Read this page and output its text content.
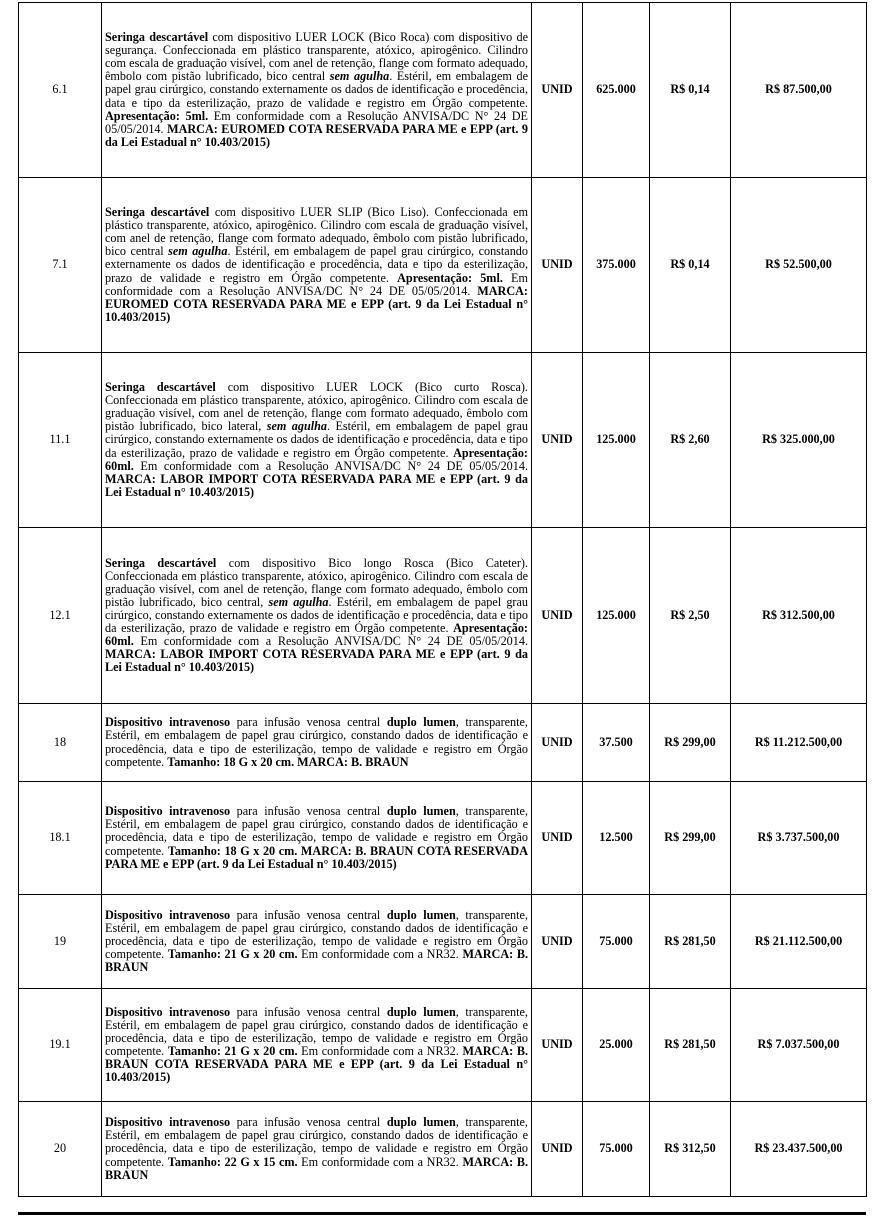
6.1	Seringa descartável com dispositivo LUER LOCK (Bico Roca) com dispositivo de segurança. Confeccionada em plástico transparente, atóxico, apirogênico. Cilindro com escala de graduação visível, com anel de retenção, flange com formato adequado, êmbolo com pistão lubrificado, bico central sem agulha. Estéril, em embalagem de papel grau cirúrgico, constando externamente os dados de identificação e procedência, data e tipo da esterilização, prazo de validade e registro em Órgão competente. Apresentação: 5ml. Em conformidade com a Resolução ANVISA/DC N° 24 DE 05/05/2014. MARCA: EUROMED COTA RESERVADA PARA ME e EPP (art. 9 da Lei Estadual n° 10.403/2015)	UNID	625.000	R$ 0,14	R$ 87.500,00
7.1	Seringa descartável com dispositivo LUER SLIP (Bico Liso). Confeccionada em plástico transparente, atóxico, apirogênico. Cilindro com escala de graduação visível, com anel de retenção, flange com formato adequado, êmbolo com pistão lubrificado, bico central sem agulha. Estéril, em embalagem de papel grau cirúrgico, constando externamente os dados de identificação e procedência, data e tipo da esterilização, prazo de validade e registro em Órgão competente. Apresentação: 5ml. Em conformidade com a Resolução ANVISA/DC N° 24 DE 05/05/2014. MARCA: EUROMED COTA RESERVADA PARA ME e EPP (art. 9 da Lei Estadual n° 10.403/2015)	UNID	375.000	R$ 0,14	R$ 52.500,00
11.1	Seringa descartável com dispositivo LUER LOCK (Bico curto Rosca). Confeccionada em plástico transparente, atóxico, apirogênico. Cilindro com escala de graduação visível, com anel de retenção, flange com formato adequado, êmbolo com pistão lubrificado, bico lateral, sem agulha. Estéril, em embalagem de papel grau cirúrgico, constando externamente os dados de identificação e procedência, data e tipo da esterilização, prazo de validade e registro em Órgão competente. Apresentação: 60ml. Em conformidade com a Resolução ANVISA/DC N° 24 DE 05/05/2014. MARCA: LABOR IMPORT COTA RESERVADA PARA ME e EPP (art. 9 da Lei Estadual n° 10.403/2015)	UNID	125.000	R$ 2,60	R$ 325.000,00
12.1	Seringa descartável com dispositivo Bico longo Rosca (Bico Cateter). Confeccionada em plástico transparente, atóxico, apirogênico. Cilindro com escala de graduação visível, com anel de retenção, flange com formato adequado, êmbolo com pistão lubrificado, bico central, sem agulha. Estéril, em embalagem de papel grau cirúrgico, constando externamente os dados de identificação e procedência, data e tipo da esterilização, prazo de validade e registro em Órgão competente. Apresentação: 60ml. Em conformidade com a Resolução ANVISA/DC N° 24 DE 05/05/2014. MARCA: LABOR IMPORT COTA RESERVADA PARA ME e EPP (art. 9 da Lei Estadual n° 10.403/2015)	UNID	125.000	R$ 2,50	R$ 312.500,00
18	Dispositivo intravenoso para infusão venosa central duplo lumen, transparente, Estéril, em embalagem de papel grau cirúrgico, constando dados de identificação e procedência, data e tipo de esterilização, tempo de validade e registro em Órgão competente. Tamanho: 18 G x 20 cm. MARCA: B. BRAUN	UNID	37.500	R$ 299,00	R$ 11.212.500,00
18.1	Dispositivo intravenoso para infusão venosa central duplo lumen, transparente, Estéril, em embalagem de papel grau cirúrgico, constando dados de identificação e procedência, data e tipo de esterilização, tempo de validade e registro em Órgão competente. Tamanho: 18 G x 20 cm. MARCA: B. BRAUN COTA RESERVADA PARA ME e EPP (art. 9 da Lei Estadual n° 10.403/2015)	UNID	12.500	R$ 299,00	R$ 3.737.500,00
19	Dispositivo intravenoso para infusão venosa central duplo lumen, transparente, Estéril, em embalagem de papel grau cirúrgico, constando dados de identificação e procedência, data e tipo de esterilização, tempo de validade e registro em Órgão competente. Tamanho: 21 G x 20 cm. Em conformidade com a NR32. MARCA: B. BRAUN	UNID	75.000	R$ 281,50	R$ 21.112.500,00
19.1	Dispositivo intravenoso para infusão venosa central duplo lumen, transparente, Estéril, em embalagem de papel grau cirúrgico, constando dados de identificação e procedência, data e tipo de esterilização, tempo de validade e registro em Órgão competente. Tamanho: 21 G x 20 cm. Em conformidade com a NR32. MARCA: B. BRAUN COTA RESERVADA PARA ME e EPP (art. 9 da Lei Estadual n° 10.403/2015)	UNID	25.000	R$ 281,50	R$ 7.037.500,00
20	Dispositivo intravenoso para infusão venosa central duplo lumen, transparente, Estéril, em embalagem de papel grau cirúrgico, constando dados de identificação e procedência, data e tipo de esterilização, tempo de validade e registro em Órgão competente. Tamanho: 22 G x 15 cm. Em conformidade com a NR32. MARCA: B. BRAUN	UNID	75.000	R$ 312,50	R$ 23.437.500,00
